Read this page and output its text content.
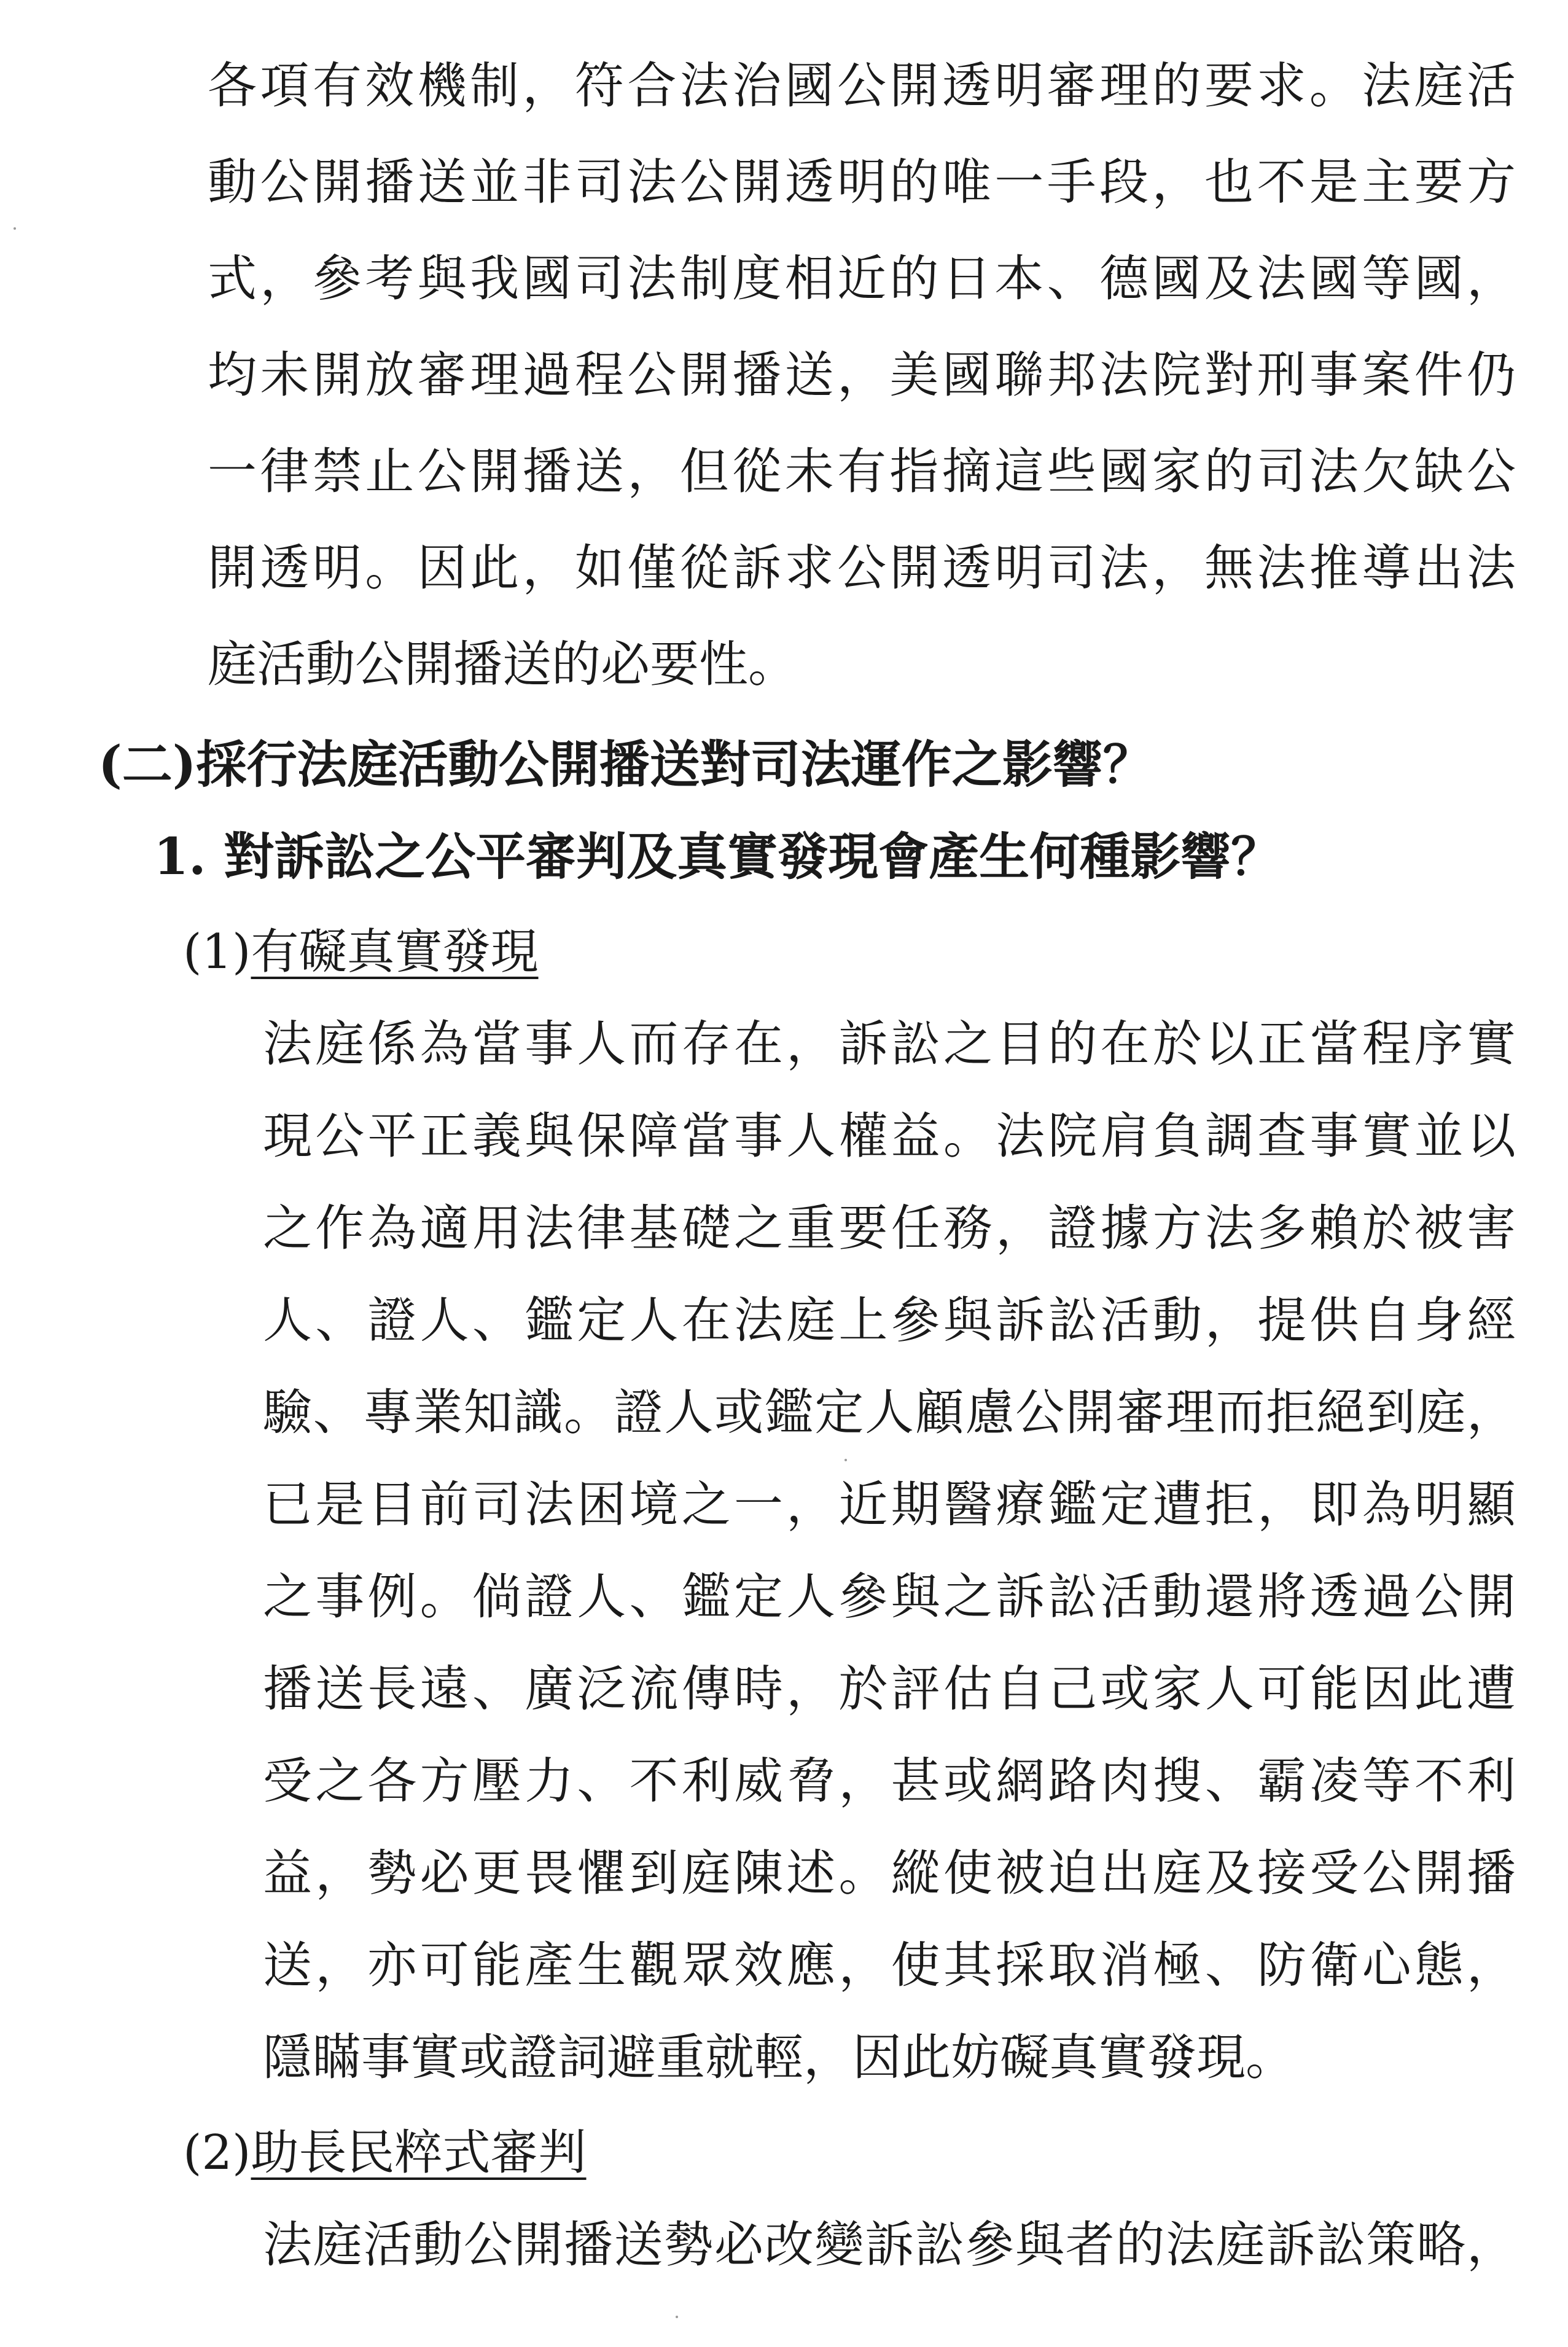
各項有效機制，符合法治國公開透明審理的要求。法庭活
動公開播送並非司法公開透明的唯一手段，也不是主要方
式，參考與我國司法制度相近的日本、德國及法國等國，
均未開放審理過程公開播送，美國聯邦法院對刑事案件仍
一律禁止公開播送，但從未有指摘這些國家的司法欠缺公
開透明。因此，如僅從訴求公開透明司法，無法推導出法
庭活動公開播送的必要性。
(二)採行法庭活動公開播送對司法運作之影響？
1. 對訴訟之公平審判及真實發現會產生何種影響？
(1)有礙真實發現
法庭係為當事人而存在，訴訟之目的在於以正當程序實
現公平正義與保障當事人權益。法院肩負調查事實並以
之作為適用法律基礎之重要任務，證據方法多賴於被害
人、證人、鑑定人在法庭上參與訴訟活動，提供自身經
驗、專業知識。證人或鑑定人顧慮公開審理而拒絕到庭，
已是目前司法困境之一，近期醫療鑑定遭拒，即為明顯
之事例。倘證人、鑑定人參與之訴訟活動還將透過公開
播送長遠、廣泛流傳時，於評估自己或家人可能因此遭
受之各方壓力、不利威脅，甚或網路肉搜、霸凌等不利
益，勢必更畏懼到庭陳述。縱使被迫出庭及接受公開播
送，亦可能產生觀眾效應，使其採取消極、防衛心態，
隱瞞事實或證詞避重就輕，因此妨礙真實發現。
(2)助長民粹式審判
法庭活動公開播送勢必改變訴訟參與者的法庭訴訟策略，
